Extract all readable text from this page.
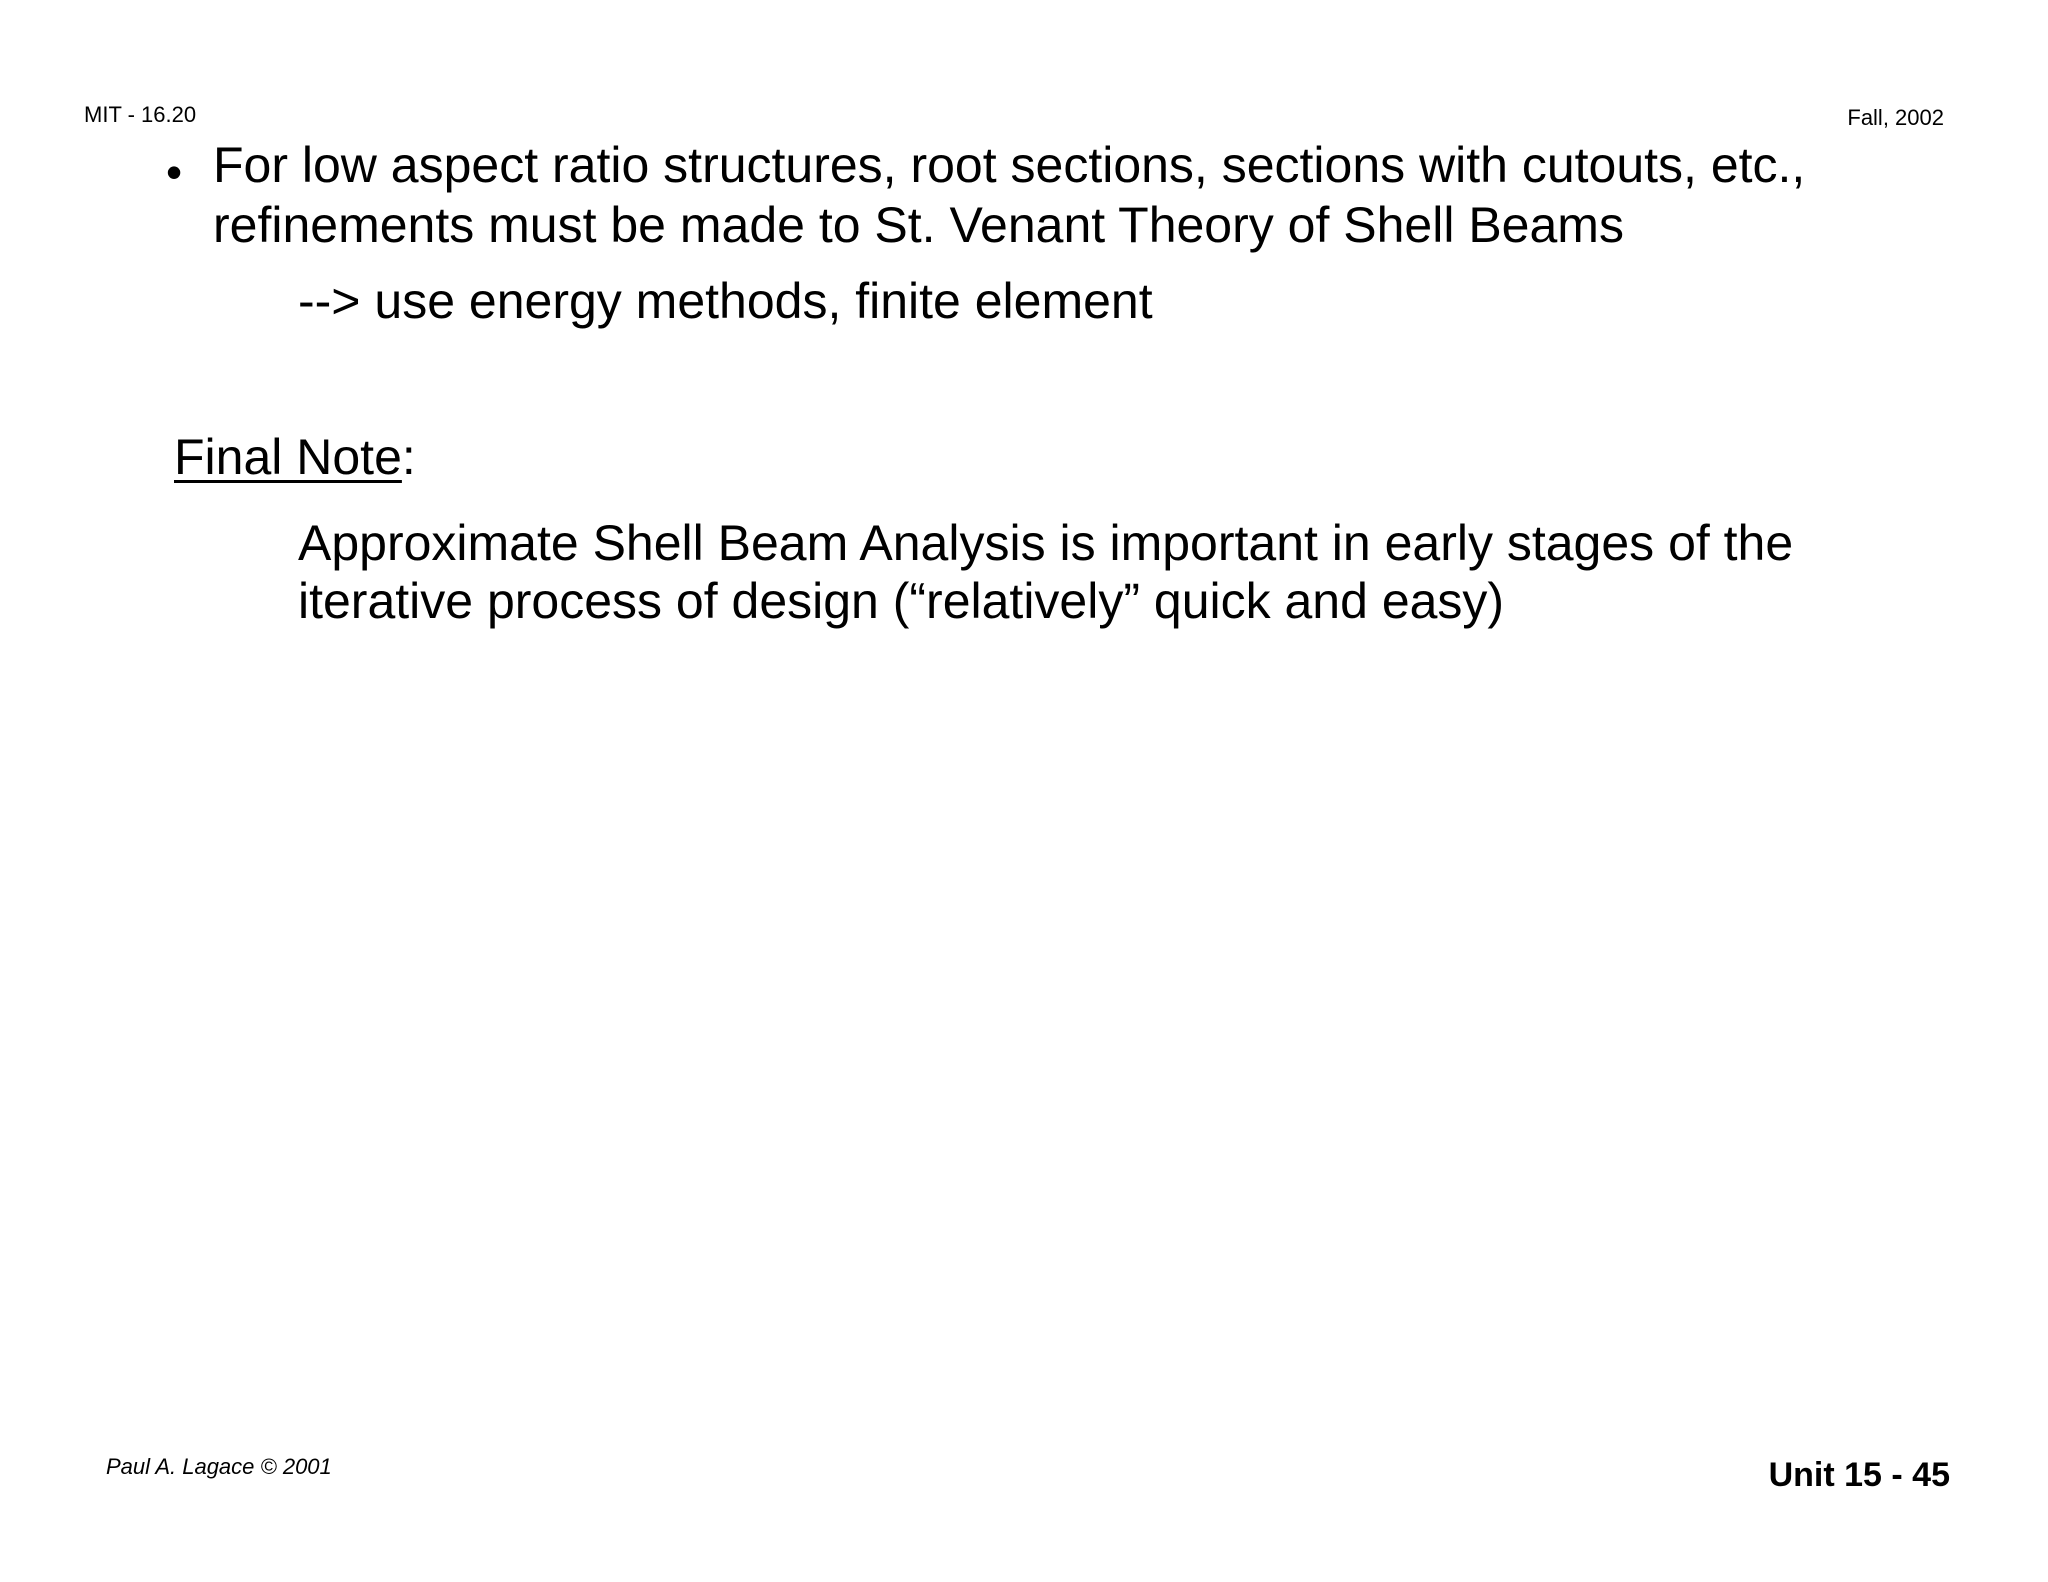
MIT - 16.20	Fall, 2002
• For low aspect ratio structures, root sections, sections with cutouts, etc.,
refinements must be made to St. Venant Theory of Shell Beams
--> use energy methods, finite element
Final Note:
Approximate Shell Beam Analysis is important in early stages of the
iterative process of design (“relatively” quick and easy)
Paul A. Lagace © 2001	Unit 15 - 45
